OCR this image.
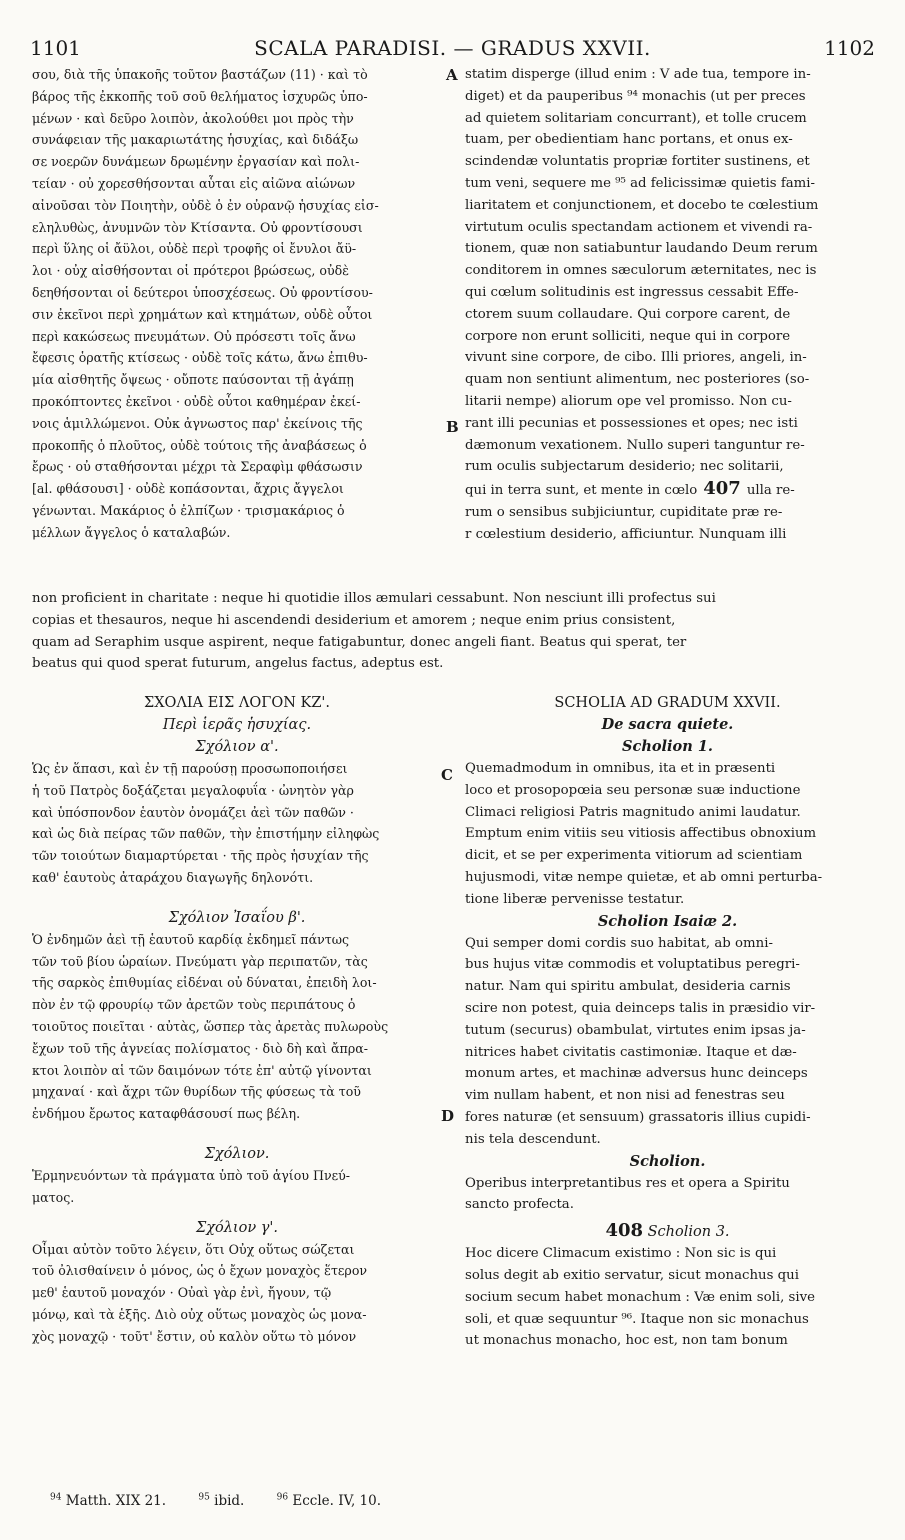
1101	SCALA PARADISI. — GRADUS XXVII.	1102
σου, διὰ τῆς ὑπακοῆς τοῦτον βαστάζων (11) · καὶ τὸ
βάρος τῆς ἐκκοπῆς τοῦ σοῦ θελήματος ἰσχυρῶς ὑπο-
μένων · καὶ δεῦρο λοιπὸν, ἀκολούθει μοι πρὸς τὴν
συνάφειαν τῆς μακαριωτάτης ἡσυχίας, καὶ διδάξω
σε νοερῶν δυνάμεων δρωμένην ἐργασίαν καὶ πολι-
τείαν · οὐ χορεσθήσονται αὗται εἰς αἰῶνα αἰώνων
αἰνοῦσαι τὸν Ποιητὴν, οὐδὲ ὁ ἐν οὐρανῷ ἡσυχίας εἰσ-
εληλυθὼς, ἀνυμνῶν τὸν Κτίσαντα. Οὐ φροντίσουσι
περὶ ὕλης οἱ ἄϋλοι, οὐδὲ περὶ τροφῆς οἱ ἔνυλοι ἄϋ-
λοι · οὐχ αἰσθήσονται οἱ πρότεροι βρώσεως, οὐδὲ
δεηθήσονται οἱ δεύτεροι ὑποσχέσεως. Οὐ φροντίσου-
σιν ἐκεῖνοι περὶ χρημάτων καὶ κτημάτων, οὐδὲ οὗτοι
περὶ κακώσεως πνευμάτων. Οὐ πρόσεστι τοῖς ἄνω
ἔφεσις ὁρατῆς κτίσεως · οὐδὲ τοῖς κάτω, ἄνω ἐπιθυ-
μία αἰσθητῆς ὄψεως · οὔποτε παύσονται τῇ ἀγάπῃ
προκόπτοντες ἐκεῖνοι · οὐδὲ οὗτοι καθημέραν ἐκεί-
νοις ἁμιλλώμενοι. Οὐκ ἀγνωστος παρ' ἐκείνοις τῆς
προκοπῆς ὁ πλοῦτος, οὐδὲ τούτοις τῆς ἀναβάσεως ὁ
ἔρως · οὐ σταθήσονται μέχρι τὰ Σεραφὶμ φθάσωσιν
[al. φθάσουσι] · οὐδὲ κοπάσονται, ἄχρις ἄγγελοι
γένωνται. Μακάριος ὁ ἐλπίζων · τρισμακάριος ὁ
μέλλων ἄγγελος ὁ καταλαβών.
statim disperge (illud enim : V ade tua, tempore in-
diget) et da pauperibus ⁹⁴ monachis (ut per preces
ad quietem solitariam concurrant), et tolle crucem
tuam, per obedientiam hanc portans, et onus ex-
scindendæ voluntatis propriæ fortiter sustinens, et
tum veni, sequere me ⁹⁵ ad felicissimæ quietis fami-
liaritatem et conjunctionem, et docebo te cœlestium
virtutum oculis spectandam actionem et vivendi ra-
tionem, quæ non satiabuntur laudando Deum rerum
conditorem in omnes sæculorum æternitates, nec is
qui cœlum solitudinis est ingressus cessabit Effe-
ctorem suum collaudare. Qui corpore carent, de
corpore non erunt solliciti, neque qui in corpore
vivunt sine corpore, de cibo. Illi priores, angeli, in-
quam non sentiunt alimentum, nec posteriores (so-
litarii nempe) aliorum ope vel promisso. Non cu-
rant illi pecunias et possessiones et opes; nec isti
dæmonum vexationem. Nullo superi tanguntur re-
rum oculis subjectarum desiderio; nec solitarii,
qui in terra sunt, et mente in cœlo 407 ulla re-
rum o sensibus subjiciuntur, cupiditate præ re-
r cœlestium desiderio, afficiuntur. Nunquam illi
A
B
C
D
non proficient in charitate : neque hi quotidie illos æmulari cessabunt. Non nesciunt illi profectus sui
copias et thesauros, neque hi ascendendi desiderium et amorem ; neque enim prius consistent,
quam ad Seraphim usque aspirent, neque fatigabuntur, donec angeli fiant. Beatus qui sperat, ter
beatus qui quod sperat futurum, angelus factus, adeptus est.
ΣΧΟΛΙΑ ΕΙΣ ΛΟΓΟΝ ΚΖ'.
Περὶ ἱερᾶς ἡσυχίας.
Σχόλιον α'.
Ὡς ἐν ἅπασι, καὶ ἐν τῇ παρούσῃ προσωποποιήσει
ἡ τοῦ Πατρὸς δοξάζεται μεγαλοφυΐα · ὠνητὸν γὰρ
καὶ ὑπόσπονδον ἑαυτὸν ὀνομάζει ἀεὶ τῶν παθῶν ·
καὶ ὡς διὰ πείρας τῶν παθῶν, τὴν ἐπιστήμην εἰληφὼς
τῶν τοιούτων διαμαρτύρεται · τῆς πρὸς ἡσυχίαν τῆς
καθ' ἑαυτοὺς ἀταράχου διαγωγῆς δηλονότι.
Σχόλιον Ἰσαΐου β'.
Ὁ ἐνδημῶν ἀεὶ τῇ ἑαυτοῦ καρδίᾳ ἐκδημεῖ πάντως
τῶν τοῦ βίου ὡραίων. Πνεύματι γὰρ περιπατῶν, τὰς
τῆς σαρκὸς ἐπιθυμίας εἰδέναι οὐ δύναται, ἐπειδὴ λοι-
πὸν ἐν τῷ φρουρίῳ τῶν ἀρετῶν τοὺς περιπάτους ὁ
τοιοῦτος ποιεῖται · αὐτὰς, ὥσπερ τὰς ἀρετὰς πυλωροὺς
ἔχων τοῦ τῆς ἁγνείας πολίσματος · διὸ δὴ καὶ ἄπρα-
κτοι λοιπὸν αἱ τῶν δαιμόνων τότε ἐπ' αὐτῷ γίνονται
μηχαναί · καὶ ἄχρι τῶν θυρίδων τῆς φύσεως τὰ τοῦ
ἐνδήμου ἔρωτος καταφθάσουσί πως βέλη.
Σχόλιον.
Ἑρμηνευόντων τὰ πράγματα ὑπὸ τοῦ ἁγίου Πνεύ-
ματος.
Σχόλιον γ'.
Οἶμαι αὐτὸν τοῦτο λέγειν, ὅτι Οὐχ οὕτως σώζεται
τοῦ ὀλισθαίνειν ὁ μόνος, ὡς ὁ ἔχων μοναχὸς ἕτερον
μεθ' ἑαυτοῦ μοναχόν · Οὐαὶ γὰρ ἐνὶ, ἤγουν, τῷ
μόνῳ, καὶ τὰ ἑξῆς. Διὸ οὐχ οὕτως μοναχὸς ὡς μονα-
χὸς μοναχῷ · τοῦτ' ἔστιν, οὐ καλὸν οὕτω τὸ μόνον
SCHOLIA AD GRADUM XXVII.
De sacra quiete.
Scholion 1.
Quemadmodum in omnibus, ita et in præsenti
loco et prosopopœia seu personæ suæ inductione
Climaci religiosi Patris magnitudo animi laudatur.
Emptum enim vitiis seu vitiosis affectibus obnoxium
dicit, et se per experimenta vitiorum ad scientiam
hujusmodi, vitæ nempe quietæ, et ab omni perturba-
tione liberæ pervenisse testatur.
Scholion Isaiæ 2.
Qui semper domi cordis suo habitat, ab omni-
bus hujus vitæ commodis et voluptatibus peregri-
natur. Nam qui spiritu ambulat, desideria carnis
scire non potest, quia deinceps talis in præsidio vir-
tutum (securus) obambulat, virtutes enim ipsas ja-
nitrices habet civitatis castimoniæ. Itaque et dæ-
monum artes, et machinæ adversus hunc deinceps
vim nullam habent, et non nisi ad fenestras seu
fores naturæ (et sensuum) grassatoris illius cupidi-
nis tela descendunt.
Scholion.
Operibus interpretantibus res et opera a Spiritu
sancto profecta.
408 Scholion 3.
Hoc dicere Climacum existimo : Non sic is qui
solus degit ab exitio servatur, sicut monachus qui
socium secum habet monachum : Væ enim soli, sive
soli, et quæ sequuntur ⁹⁶. Itaque non sic monachus
ut monachus monacho, hoc est, non tam bonum
$^{94}$ Matth. XIX 21.	$^{95}$ ibid.	$^{96}$ Eccle. IV, 10.
